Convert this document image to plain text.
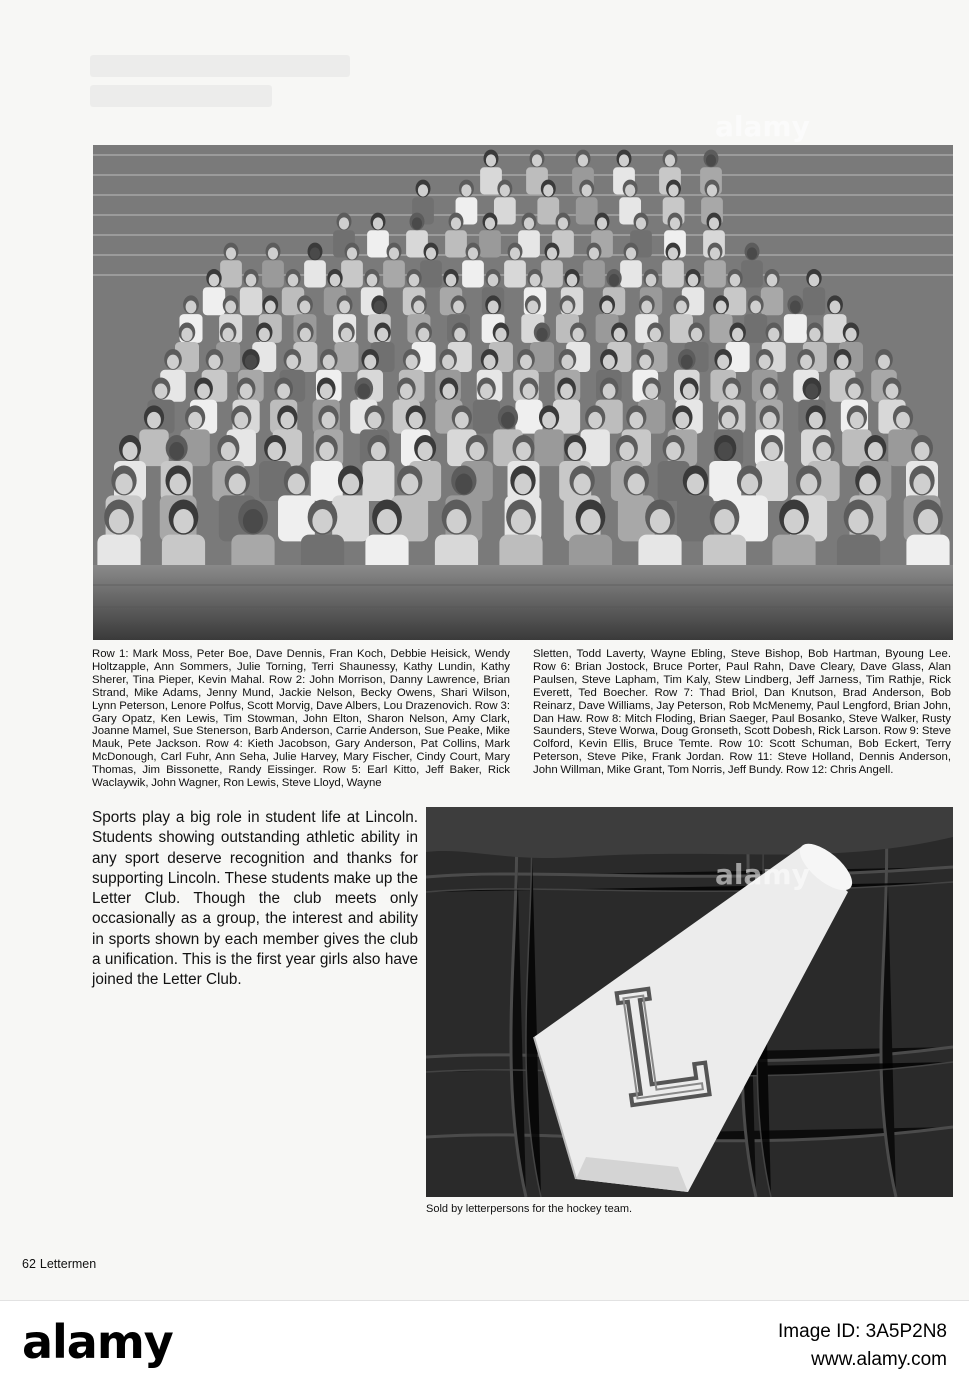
Row 1: Mark Moss, Peter Boe, Dave Dennis, Fran Koch, Debbie Heisick, Wendy Holtzapple, Ann Sommers, Julie Torning, Terri Shaunessy, Kathy Lundin, Kathy Sherer, Tina Pieper, Kevin Mahal. Row 2: John Morrison, Danny Lawrence, Brian Strand, Mike Adams, Jenny Mund, Jackie Nelson, Becky Owens, Shari Wilson, Lynn Peterson, Lenore Polfus, Scott Morvig, Dave Albers, Lou Drazenovich. Row 3: Gary Opatz, Ken Lewis, Tim Stowman, John Elton, Sharon Nelson, Amy Clark, Joanne Mamel, Sue Stenerson, Barb Anderson, Carrie Anderson, Sue Peake, Mike Mauk, Pete Jackson. Row 4: Kieth Jacobson, Gary Anderson, Pat Collins, Mark McDonough, Carl Fuhr, Ann Seha, Julie Harvey, Mary Fischer, Cindy Court, Mary Thomas, Jim Bissonette, Randy Eissinger. Row 5: Earl Kitto, Jeff Baker, Rick Waclaywik, John Wagner, Ron Lewis, Steve Lloyd, Wayne
Sletten, Todd Laverty, Wayne Ebling, Steve Bishop, Bob Hartman, Byoung Lee. Row 6: Brian Jostock, Bruce Porter, Paul Rahn, Dave Cleary, Dave Glass, Alan Paulsen, Steve Lapham, Tim Kaly, Stew Lindberg, Jeff Jarness, Tim Rathje, Rick Everett, Ted Boecher. Row 7: Thad Briol, Dan Knutson, Brad Anderson, Bob Reinarz, Dave Williams, Jay Peterson, Rob McMenemy, Paul Lengford, Brian John, Dan Haw. Row 8: Mitch Floding, Brian Saeger, Paul Bosanko, Steve Walker, Rusty Saunders, Steve Worwa, Doug Gronseth, Scott Dobesh, Rick Larson. Row 9: Steve Colford, Kevin Ellis, Bruce Temte. Row 10: Scott Schuman, Bob Eckert, Terry Peterson, Steve Pike, Frank Jordan. Row 11: Steve Holland, Dennis Anderson, John Willman, Mike Grant, Tom Norris, Jeff Bundy. Row 12: Chris Angell.
Sports play a big role in student life at Lincoln. Students showing outstanding athletic ability in any sport deserve recognition and thanks for supporting Lincoln. These students make up the Letter Club. Though the club meets only occasionally as a group, the interest and ability in sports shown by each member gives the club a unification. This is the first year girls also have joined the Letter Club.
Sold by letterpersons for the hockey team.
62 Lettermen
alamy
alamy
alamy	Image ID: 3A5P2N8
www.alamy.com
